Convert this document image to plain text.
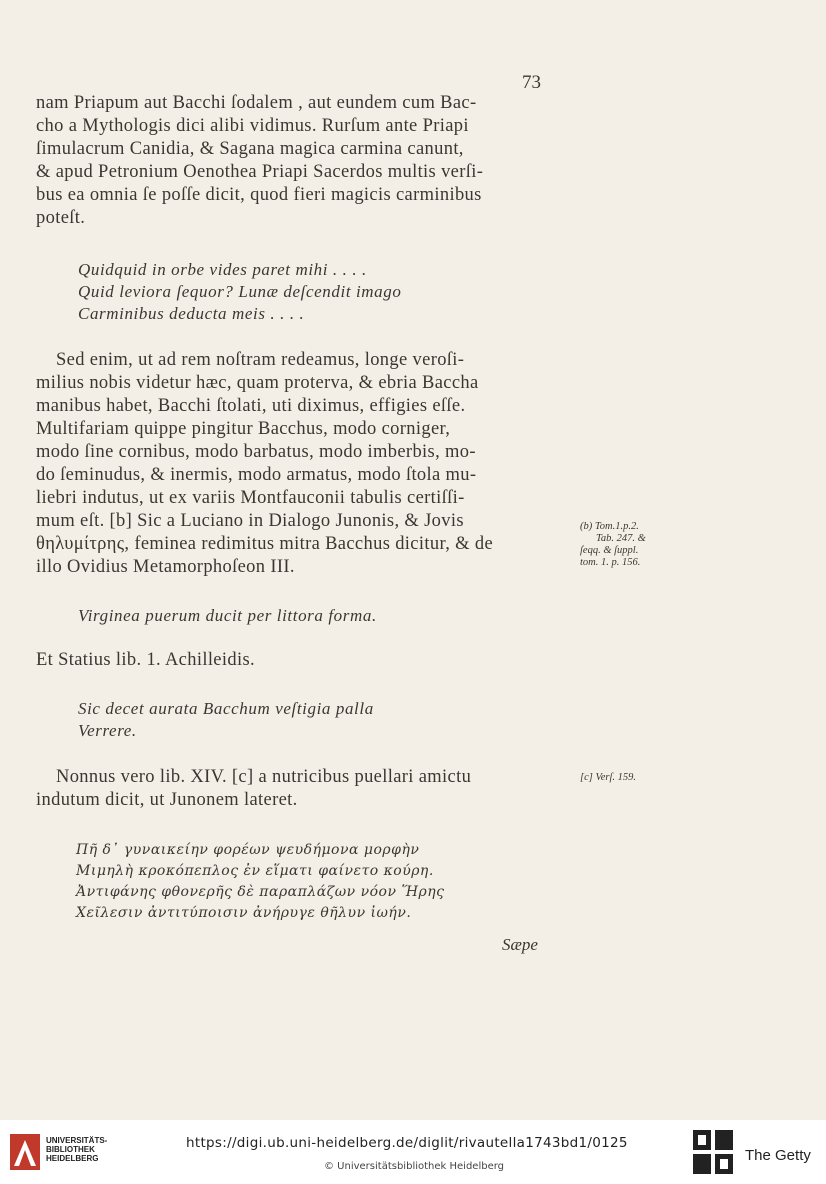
73
nam Priapum aut Bacchi ſodalem , aut eundem cum Bac-
cho a Mythologis dici alibi vidimus. Rurſum ante Priapi
ſimulacrum Canidia, & Sagana magica carmina canunt,
& apud Petronium Oenothea Priapi Sacerdos multis verſi-
bus ea omnia ſe poſſe dicit, quod fieri magicis carminibus
poteſt.
Quidquid in orbe vides paret mihi . . . .
Quid leviora ſequor? Lunæ deſcendit imago
Carminibus deducta meis . . . .
Sed enim, ut ad rem noſtram redeamus, longe veroſi-
milius nobis videtur hæc, quam proterva, & ebria Baccha
manibus habet, Bacchi ſtolati, uti diximus, effigies eſſe.
Multifariam quippe pingitur Bacchus, modo corniger,
modo ſine cornibus, modo barbatus, modo imberbis, mo-
do ſeminudus, & inermis, modo armatus, modo ſtola mu-
liebri indutus, ut ex variis Montfauconii tabulis certiſſi-
mum eſt. [b] Sic a Luciano in Dialogo Junonis, & Jovis
θηλυμίτρης, feminea redimitus mitra Bacchus dicitur, & de
illo Ovidius Metamorphoſeon III.
(b) Tom.1.p.2.
Tab. 247. &
ſeqq. & ſuppl.
tom. 1. p. 156.
Virginea puerum ducit per littora forma.
Et Statius lib. 1. Achilleidis.
Sic decet aurata Bacchum veſtigia palla
Verrere.
Nonnus vero lib. XIV. [c] a nutricibus puellari amictu
indutum dicit, ut Junonem lateret.
[c] Verſ. 159.
Πῆ δ᾽ γυναικείην φορέων ψευδήμονα μορφὴν
Μιμηλὴ κροκόπεπλος ἐν εἵματι φαίνετο κούρη.
Ἀντιφάνης φθονερῆς δὲ παραπλάζων νόον Ἥρης
Χεῖλεσιν ἀντιτύποισιν ἀνήρυγε θῆλυν ἰωήν.
Sæpe
UNIVERSITÄTS-
BIBLIOTHEK
HEIDELBERG
https://digi.ub.uni-heidelberg.de/diglit/rivautella1743bd1/0125
© Universitätsbibliothek Heidelberg
The Getty
